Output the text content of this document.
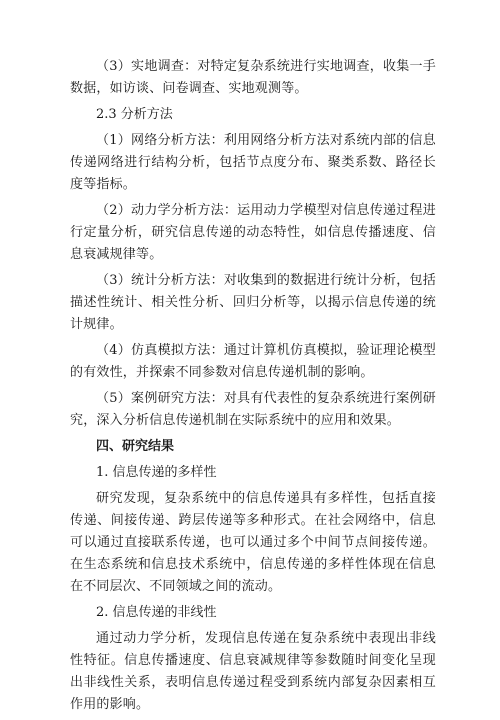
（3）实地调查：对特定复杂系统进行实地调查，收集一手数据，如访谈、问卷调查、实地观测等。

2.3 分析方法

（1）网络分析方法：利用网络分析方法对系统内部的信息传递网络进行结构分析，包括节点度分布、聚类系数、路径长度等指标。

（2）动力学分析方法：运用动力学模型对信息传递过程进行定量分析，研究信息传递的动态特性，如信息传播速度、信息衰减规律等。

（3）统计分析方法：对收集到的数据进行统计分析，包括描述性统计、相关性分析、回归分析等，以揭示信息传递的统计规律。

（4）仿真模拟方法：通过计算机仿真模拟，验证理论模型的有效性，并探索不同参数对信息传递机制的影响。

（5）案例研究方法：对具有代表性的复杂系统进行案例研究，深入分析信息传递机制在实际系统中的应用和效果。

四、研究结果

1. 信息传递的多样性

研究发现，复杂系统中的信息传递具有多样性，包括直接传递、间接传递、跨层传递等多种形式。在社会网络中，信息可以通过直接联系传递，也可以通过多个中间节点间接传递。在生态系统和信息技术系统中，信息传递的多样性体现在信息在不同层次、不同领域之间的流动。

2. 信息传递的非线性

通过动力学分析，发现信息传递在复杂系统中表现出非线性特征。信息传播速度、信息衰减规律等参数随时间变化呈现出非线性关系，表明信息传递过程受到系统内部复杂因素相互作用的影响。
